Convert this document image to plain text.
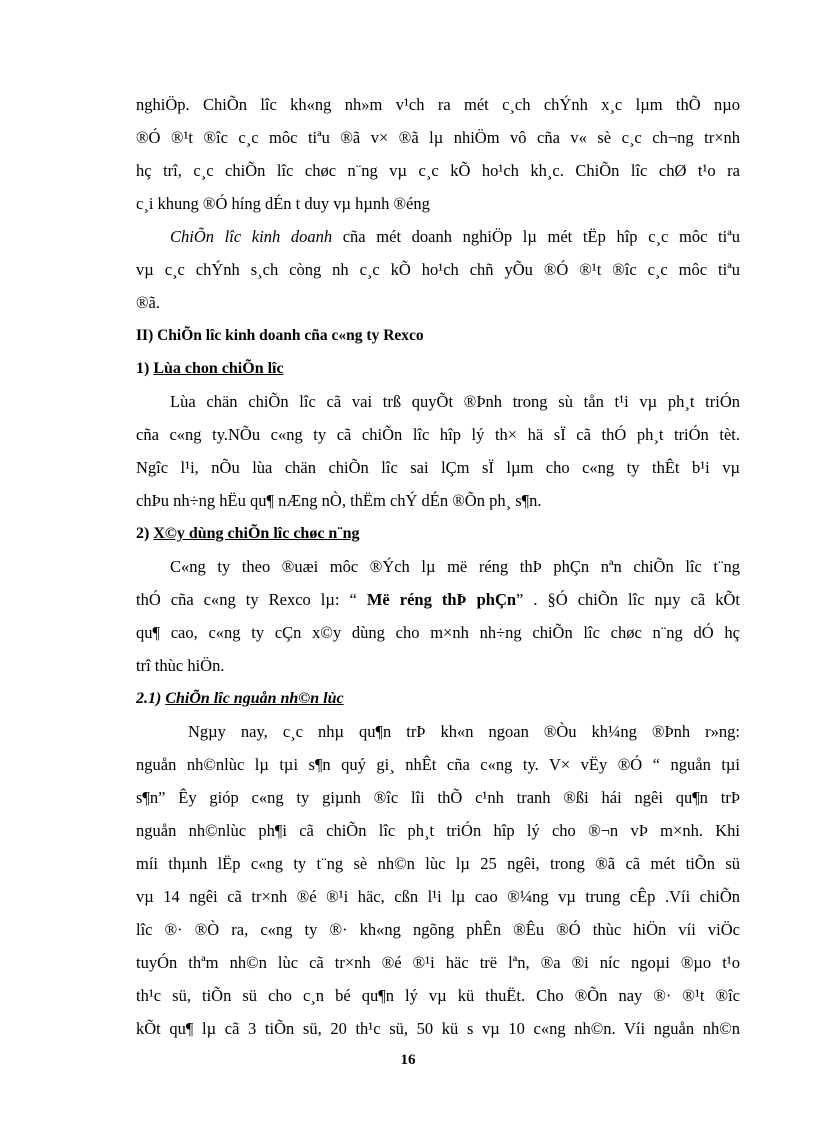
nghiÖp. ChiÕn lîc kh«ng nh»m v¹ch ra mét c¸ch chÝnh x¸c lµm thÕ nµo
®Ó ®¹t ®îc c¸c môc tiªu ®ã v× ®ã lµ nhiÖm vô cña v« sè c¸c ch¬ng tr×nh
hç trî, c¸c chiÕn lîc chøc n¨ng vµ c¸c kÕ ho¹ch kh¸c. ChiÕn lîc chØ t¹o ra
c¸i khung ®Ó híng dÉn t duy vµ hµnh ®éng

ChiÕn lîc kinh doanh cña mét doanh nghiÖp lµ mét tËp hîp c¸c môc tiªu
vµ c¸c chÝnh s¸ch còng nh c¸c kÕ ho¹ch chñ yÕu ®Ó ®¹t ®îc c¸c môc tiªu
®ã.

II) ChiÕn lîc kinh doanh cña c«ng ty Rexco
1) Lùa chon chiÕn lîc

Lùa chän chiÕn lîc cã vai trß quyÕt ®Þnh trong sù tån t¹i vµ ph¸t triÓn
cña c«ng ty.NÕu c«ng ty cã chiÕn lîc hîp lý th× hä sÏ cã thÓ ph¸t triÓn tèt.
Ngîc l¹i, nÕu lùa chän chiÕn lîc sai lÇm sÏ lµm cho c«ng ty thÊt b¹i vµ
chÞu nh÷ng hËu qu¶ nÆng nÒ, thËm chÝ dÉn ®Õn ph¸ s¶n.

2) X©y dùng chiÕn lîc chøc n¨ng

C«ng ty theo ®uæi môc ®Ých lµ më réng thÞ phÇn nªn chiÕn lîc t¨ng
thÓ cña c«ng ty Rexco lµ: “ Më réng thÞ phÇn” . §Ó chiÕn lîc nµy cã kÕt
qu¶ cao, c«ng ty cÇn x©y dùng cho m×nh nh÷ng chiÕn lîc chøc n¨ng dÓ hç
trî thùc hiÖn.

2.1) ChiÕn lîc nguån nh©n lùc

Ngµy nay, c¸c nhµ qu¶n trÞ kh«n ngoan ®Òu kh¼ng ®Þnh r»ng:
nguån nh©nlùc lµ tµi s¶n quý gi¸ nhÊt cña c«ng ty. V× vËy ®Ó “ nguån tµi
s¶n” Êy gióp c«ng ty giµnh ®îc lîi thÕ c¹nh tranh ®ßi hái ngêi qu¶n trÞ
nguån nh©nlùc ph¶i cã chiÕn lîc ph¸t triÓn hîp lý cho ®¬n vÞ m×nh. Khi
míi thµnh lËp c«ng ty t¨ng sè nh©n lùc lµ 25 ngêi, trong ®ã cã mét tiÕn sü
vµ 14 ngêi cã tr×nh ®é ®¹i häc, cßn l¹i lµ cao ®¼ng vµ trung cÊp .Víi chiÕn
lîc ®· ®Ò ra, c«ng ty ®· kh«ng ngõng phÊn ®Êu ®Ó thùc hiÖn víi viÖc
tuyÓn thªm nh©n lùc cã tr×nh ®é ®¹i häc trë lªn, ®a ®i níc ngoµi ®µo t¹o
th¹c sü, tiÕn sü cho c¸n bé qu¶n lý vµ kü thuËt. Cho ®Õn nay ®· ®¹t ®îc
kÕt qu¶ lµ cã 3 tiÕn sü, 20 th¹c sü, 50 kü s vµ 10 c«ng nh©n. Víi nguån nh©n

16
